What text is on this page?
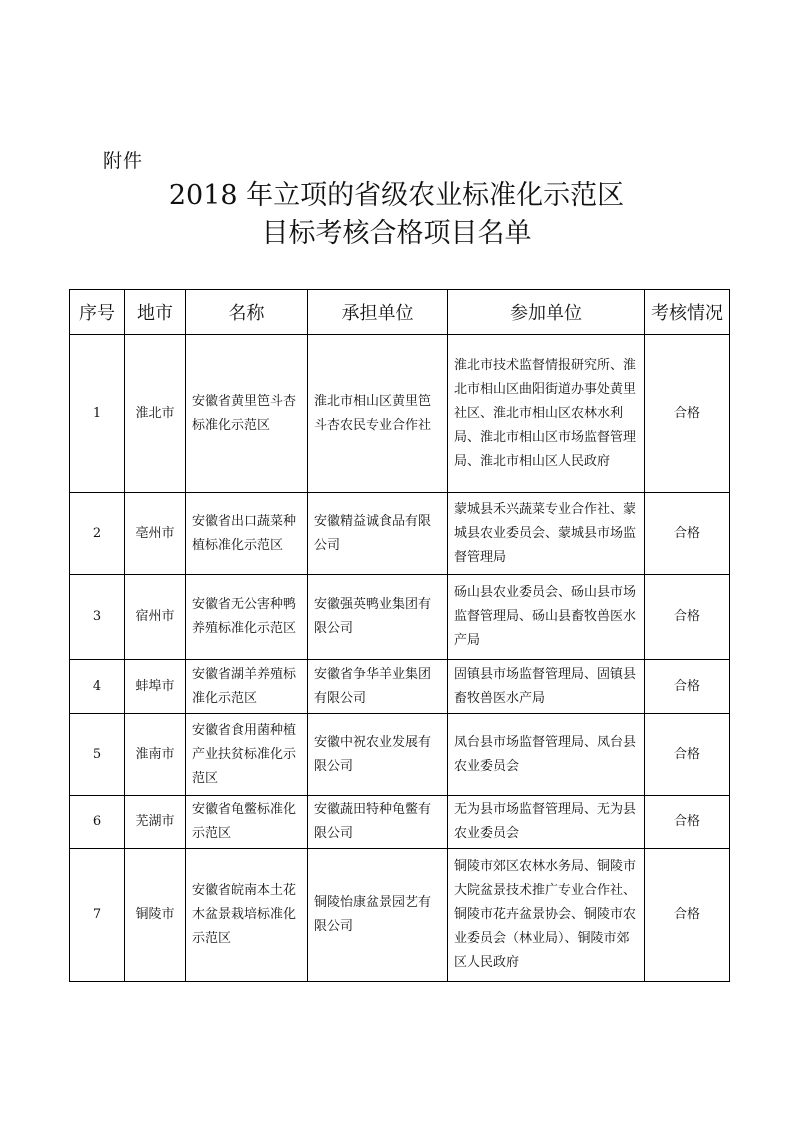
附件
2018 年立项的省级农业标准化示范区
目标考核合格项目名单
序号	地市	名称	承担单位	参加单位	考核情况
1	淮北市	安徽省黄里笆斗杏标准化示范区	淮北市相山区黄里笆斗杏农民专业合作社	淮北市技术监督情报研究所、淮北市相山区曲阳街道办事处黄里社区、淮北市相山区农林水利局、淮北市相山区市场监督管理局、淮北市相山区人民政府	合格
2	亳州市	安徽省出口蔬菜种植标准化示范区	安徽精益诚食品有限公司	蒙城县禾兴蔬菜专业合作社、蒙城县农业委员会、蒙城县市场监督管理局	合格
3	宿州市	安徽省无公害种鸭养殖标准化示范区	安徽强英鸭业集团有限公司	砀山县农业委员会、砀山县市场监督管理局、砀山县畜牧兽医水产局	合格
4	蚌埠市	安徽省湖羊养殖标准化示范区	安徽省争华羊业集团有限公司	固镇县市场监督管理局、固镇县畜牧兽医水产局	合格
5	淮南市	安徽省食用菌种植产业扶贫标准化示范区	安徽中祝农业发展有限公司	凤台县市场监督管理局、凤台县农业委员会	合格
6	芜湖市	安徽省龟鳖标准化示范区	安徽蔬田特种龟鳖有限公司	无为县市场监督管理局、无为县农业委员会	合格
7	铜陵市	安徽省皖南本土花木盆景栽培标准化示范区	铜陵怡康盆景园艺有限公司	铜陵市郊区农林水务局、铜陵市大院盆景技术推广专业合作社、铜陵市花卉盆景协会、铜陵市农业委员会（林业局）、铜陵市郊区人民政府	合格
